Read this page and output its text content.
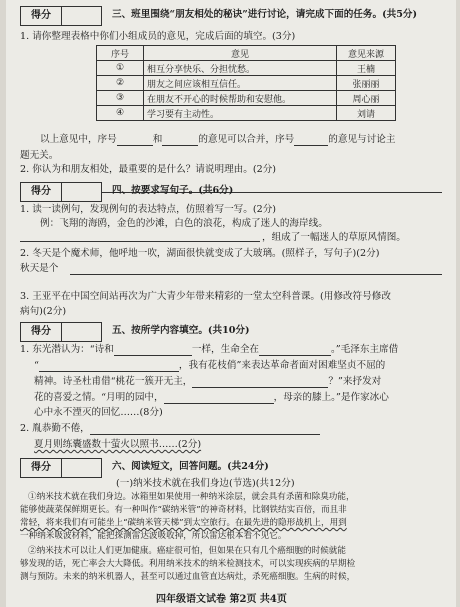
得分	三、班里围绕“朋友相处的秘诀”进行讨论，请完成下面的任务。(共5分)
1. 请你整理表格中你们小组成员的意见，完成后面的填空。(3分)
序号	意见	意见来源
①	相互分享快乐、分担忧愁。	王楠
②	朋友之间应该相互信任。	张丽丽
③	在朋友不开心的时候帮助和安慰他。	周心丽
④	学习要有主动性。	刘请
以上意见中，序号	和	的意见可以合并，序号	的意见与讨论主
题无关。
2. 你认为和朋友相处，最重要的是什么？请说明理由。(2分)
得分	四、按要求写句子。(共6分)
1. 读一读例句，发现例句的表达特点，仿照着写一写。(2分)
例：飞翔的海鸥，金色的沙滩，白色的浪花，构成了迷人的海岸线。
，组成了一幅迷人的草原风情图。
2. 冬天是个魔术师，他呼地一吹，湖面很快就变成了大玻璃。(照样子，写句子)(2分)
秋天是个
3. 王亚平在中国空间站再次为广大青少年带来精彩的一堂太空科普课。(用修改符号修改
病句)(2分)
得分	五、按所学内容填空。(共10分)
1. 东光潜认为：“诗和	一样，生命全在	。”毛泽东主席借
“	，我有花枝俏”来表达革命者面对困难坚贞不屈的
精神。诗圣杜甫借“桃花一簇开无主，	？”来抒发对
花的喜爱之情。“月明的园中，	，母亲的膝上。”是作家冰心
心中永不湮灭的回忆……(8分)
2. 胤恭勤不倦，
夏月则练囊盛数十萤火以照书……(2分)
得分	六、阅读短文，回答问题。(共24分)
(一)纳米技术就在我们身边(节选)(共12分)
①纳米技术就在我们身边。冰箱里如果使用一种纳米涂层，就会具有杀菌和除臭功能，
能够使蔬菜保鲜期更长。有一种叫作“碳纳米管”的神奇材料，比钢铁结实百倍，而且非
常轻，将来我们有可能坐上“碳纳米管天梯”到太空旅行。在最先进的隐形战机上，用到
一种纳米吸波材料，能把探测雷达波吸收掉，所以雷达根本看不见它。
②纳米技术可以让人们更加健康。癌症很可怕，但如果在只有几个癌细胞的时候就能
够发现的话，死亡率会大大降低。利用纳米技术的纳米检测技术，可以实现疾病的早期检
测与预防。未来的纳米机器人，甚至可以通过血管直达病灶，杀死癌细胞。生病的时候，
四年级语文试卷 第2页 共4页
